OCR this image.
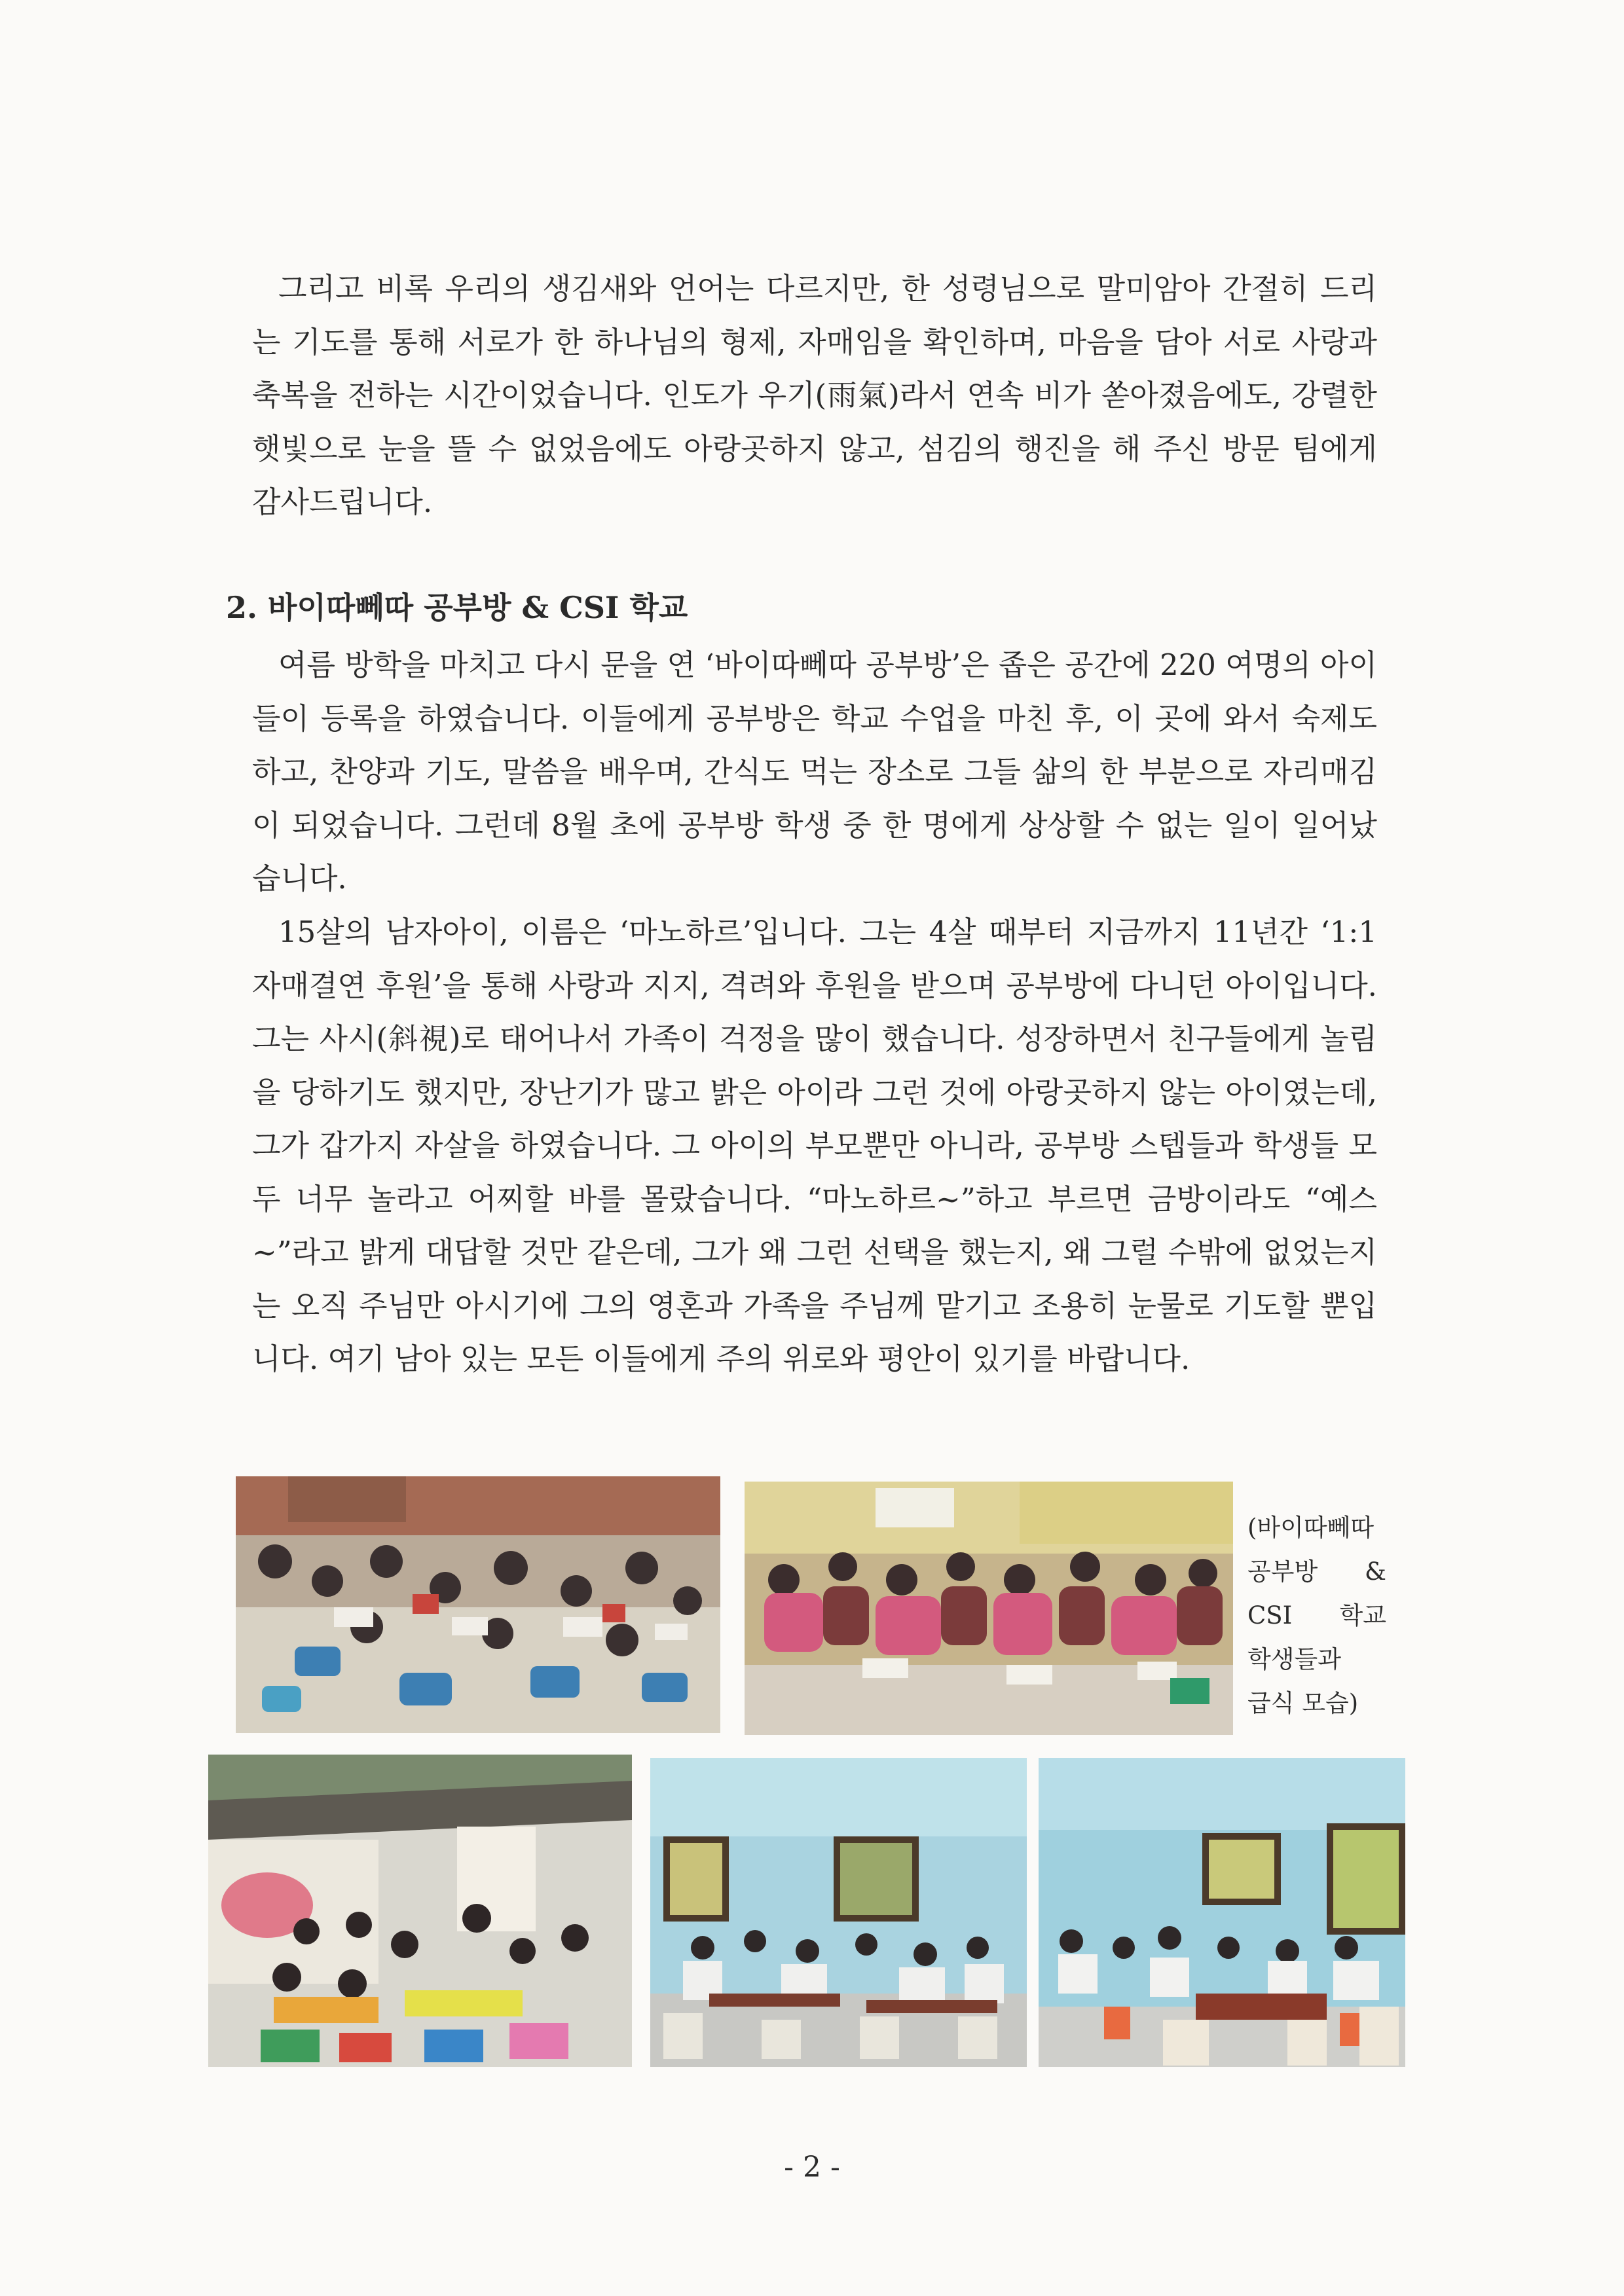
그리고 비록 우리의 생김새와 언어는 다르지만, 한 성령님으로 말미암아 간절히 드리는 기도를 통해 서로가 한 하나님의 형제, 자매임을 확인하며, 마음을 담아 서로 사랑과 축복을 전하는 시간이었습니다. 인도가 우기(雨氣)라서 연속 비가 쏟아졌음에도, 강렬한 햇빛으로 눈을 뜰 수 없었음에도 아랑곳하지 않고, 섬김의 행진을 해 주신 방문 팀에게 감사드립니다.

2. 바이따뻬따 공부방 & CSI 학교

여름 방학을 마치고 다시 문을 연 ‘바이따뻬따 공부방’은 좁은 공간에 220 여명의 아이들이 등록을 하였습니다. 이들에게 공부방은 학교 수업을 마친 후, 이 곳에 와서 숙제도 하고, 찬양과 기도, 말씀을 배우며, 간식도 먹는 장소로 그들 삶의 한 부분으로 자리매김이 되었습니다. 그런데 8월 초에 공부방 학생 중 한 명에게 상상할 수 없는 일이 일어났습니다.

15살의 남자아이, 이름은 ‘마노하르’입니다. 그는 4살 때부터 지금까지 11년간 ‘1:1 자매결연 후원’을 통해 사랑과 지지, 격려와 후원을 받으며 공부방에 다니던 아이입니다. 그는 사시(斜視)로 태어나서 가족이 걱정을 많이 했습니다. 성장하면서 친구들에게 놀림을 당하기도 했지만, 장난기가 많고 밝은 아이라 그런 것에 아랑곳하지 않는 아이였는데, 그가 갑가지 자살을 하였습니다. 그 아이의 부모뿐만 아니라, 공부방 스텝들과 학생들 모두 너무 놀라고 어찌할 바를 몰랐습니다. “마노하르~”하고 부르면 금방이라도 “예스~”라고 밝게 대답할 것만 같은데, 그가 왜 그런 선택을 했는지, 왜 그럴 수밖에 없었는지는 오직 주님만 아시기에 그의 영혼과 가족을 주님께 맡기고 조용히 눈물로 기도할 뿐입니다. 여기 남아 있는 모든 이들에게 주의 위로와 평안이 있기를 바랍니다.

(바이따뻬따
공부방 &
CSI 학교
학생들과
급식 모습)

- 2 -
